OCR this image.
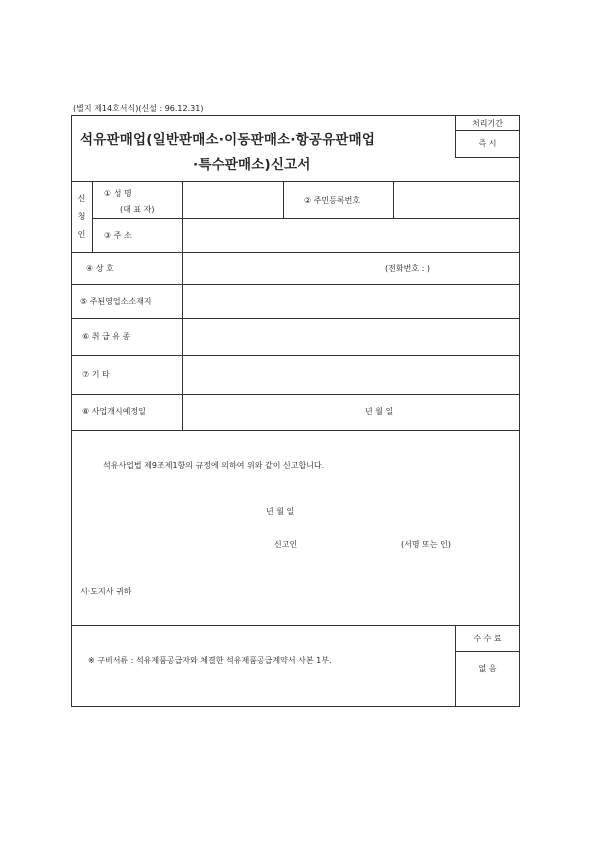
(별지 제14호서식)(신설 : 96.12.31)
석유판매업(일반판매소·이동판매소·항공유판매업
·특수판매소)신고서
처리기간
즉 시
신
청
인
① 성 명
(대 표 자)
② 주민등록번호
③ 주 소
④ 상 호	(전화번호 : )
⑤ 주된영업소소재지
⑥ 취 급 유 종
⑦ 기 타
⑧ 사업개시예정일	년 월 일
석유사업법 제9조제1항의 규정에 의하여 위와 같이 신고합니다.
년 월 일
신고인	(서명 또는 인)
시·도지사 귀하
※ 구비서류 : 석유제품공급자와 체결한 석유제품공급계약서 사본 1부.
수 수 료
없 음
